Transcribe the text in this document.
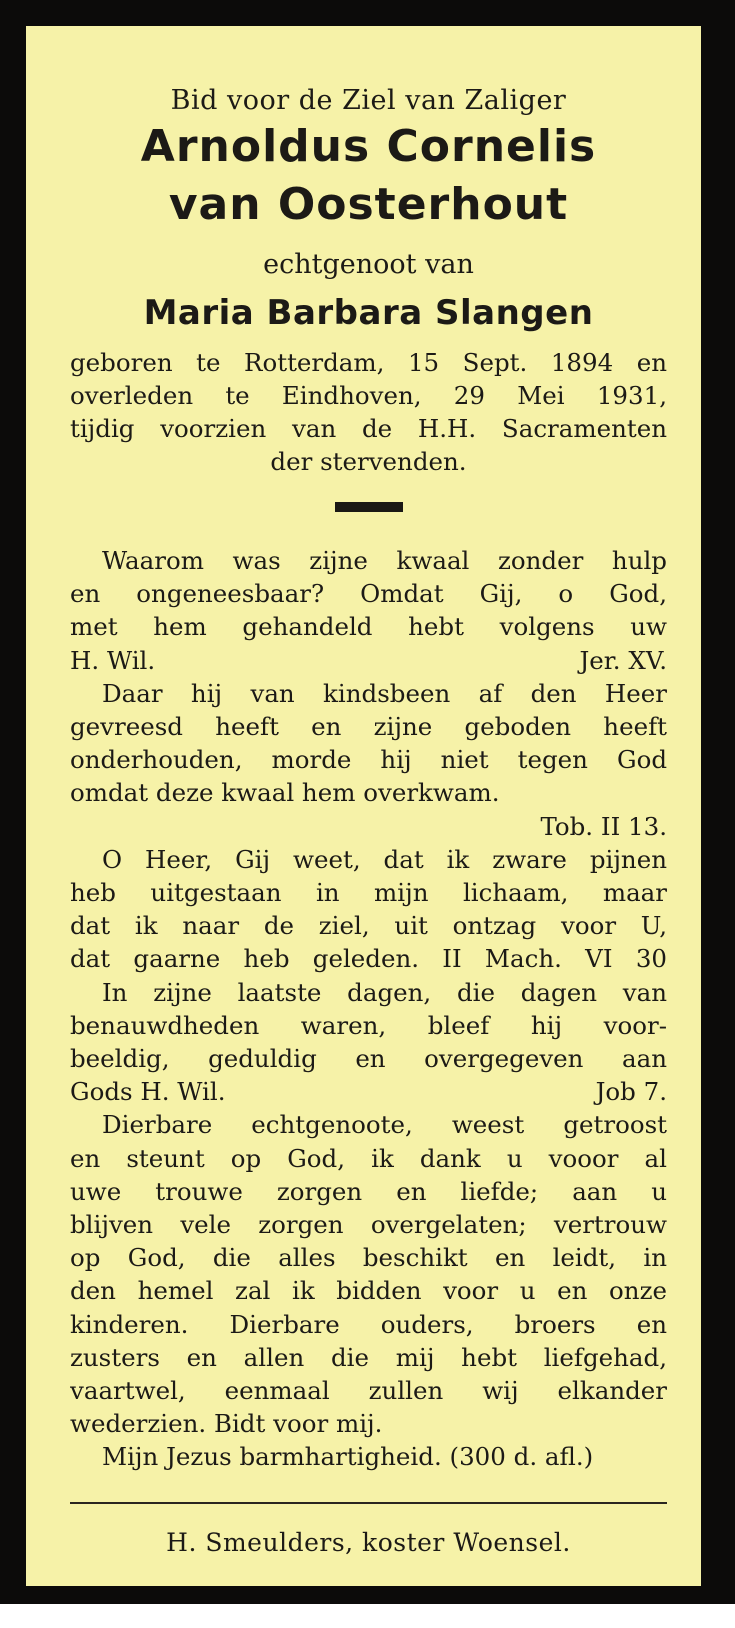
Bid voor de Ziel van Zaliger
Arnoldus Cornelis
van Oosterhout
echtgenoot van
Maria Barbara Slangen
geboren te Rotterdam, 15 Sept. 1894 en
overleden te Eindhoven, 29 Mei 1931,
tijdig voorzien van de H.H. Sacramenten
der stervenden.
Waarom was zijne kwaal zonder hulp
en ongeneesbaar? Omdat Gij, o God,
met hem gehandeld hebt volgens uw
H. Wil.	Jer. XV.
Daar hij van kindsbeen af den Heer
gevreesd heeft en zijne geboden heeft
onderhouden, morde hij niet tegen God
omdat deze kwaal hem overkwam.
Tob. II 13.
O Heer, Gij weet, dat ik zware pijnen
heb uitgestaan in mijn lichaam, maar
dat ik naar de ziel, uit ontzag voor U,
dat gaarne heb geleden. II Mach. VI 30
In zijne laatste dagen, die dagen van
benauwdheden waren, bleef hij voor-
beeldig, geduldig en overgegeven aan
Gods H. Wil.	Job 7.
Dierbare echtgenoote, weest getroost
en steunt op God, ik dank u vooor al
uwe trouwe zorgen en liefde; aan u
blijven vele zorgen overgelaten; vertrouw
op God, die alles beschikt en leidt, in
den hemel zal ik bidden voor u en onze
kinderen. Dierbare ouders, broers en
zusters en allen die mij hebt liefgehad,
vaartwel, eenmaal zullen wij elkander
wederzien. Bidt voor mij.
Mijn Jezus barmhartigheid. (300 d. afl.)
H. Smeulders, koster Woensel.
